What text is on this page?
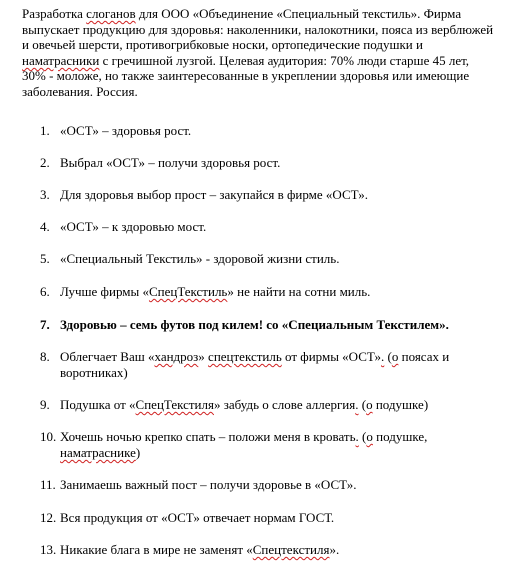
Разработка слоганов для ООО «Объединение «Специальный текстиль». Фирма выпускает продукцию для здоровья: наколенники, налокотники, пояса из верблюжей и овечьей шерсти, противогрибковые носки, ортопедические подушки и наматрасники с гречишной лузгой. Целевая аудитория: 70% люди старше 45 лет, 30% - моложе, но также заинтересованные в укреплении здоровья или имеющие заболевания. Россия.

1. «ОСТ» – здоровья рост.
2. Выбрал «ОСТ» – получи здоровья рост.
3. Для здоровья выбор прост – закупайся в фирме «ОСТ».
4. «ОСТ» – к здоровью мост.
5. «Специальный Текстиль» - здоровой жизни стиль.
6. Лучше фирмы «СпецТекстиль» не найти на сотни миль.
7. Здоровью – семь футов под килем! со «Специальным Текстилем».
8. Облегчает Ваш «хандроз» спецтекстиль от фирмы «ОСТ». (о поясах и воротниках)
9. Подушка от «СпецТекстиля» забудь о слове аллергия. (о подушке)
10. Хочешь ночью крепко спать – положи меня в кровать. (о подушке, наматраснике)
11. Занимаешь важный пост – получи здоровье в «ОСТ».
12. Вся продукция от «ОСТ» отвечает нормам ГОСТ.
13. Никакие блага в мире не заменят «Спецтекстиля».
